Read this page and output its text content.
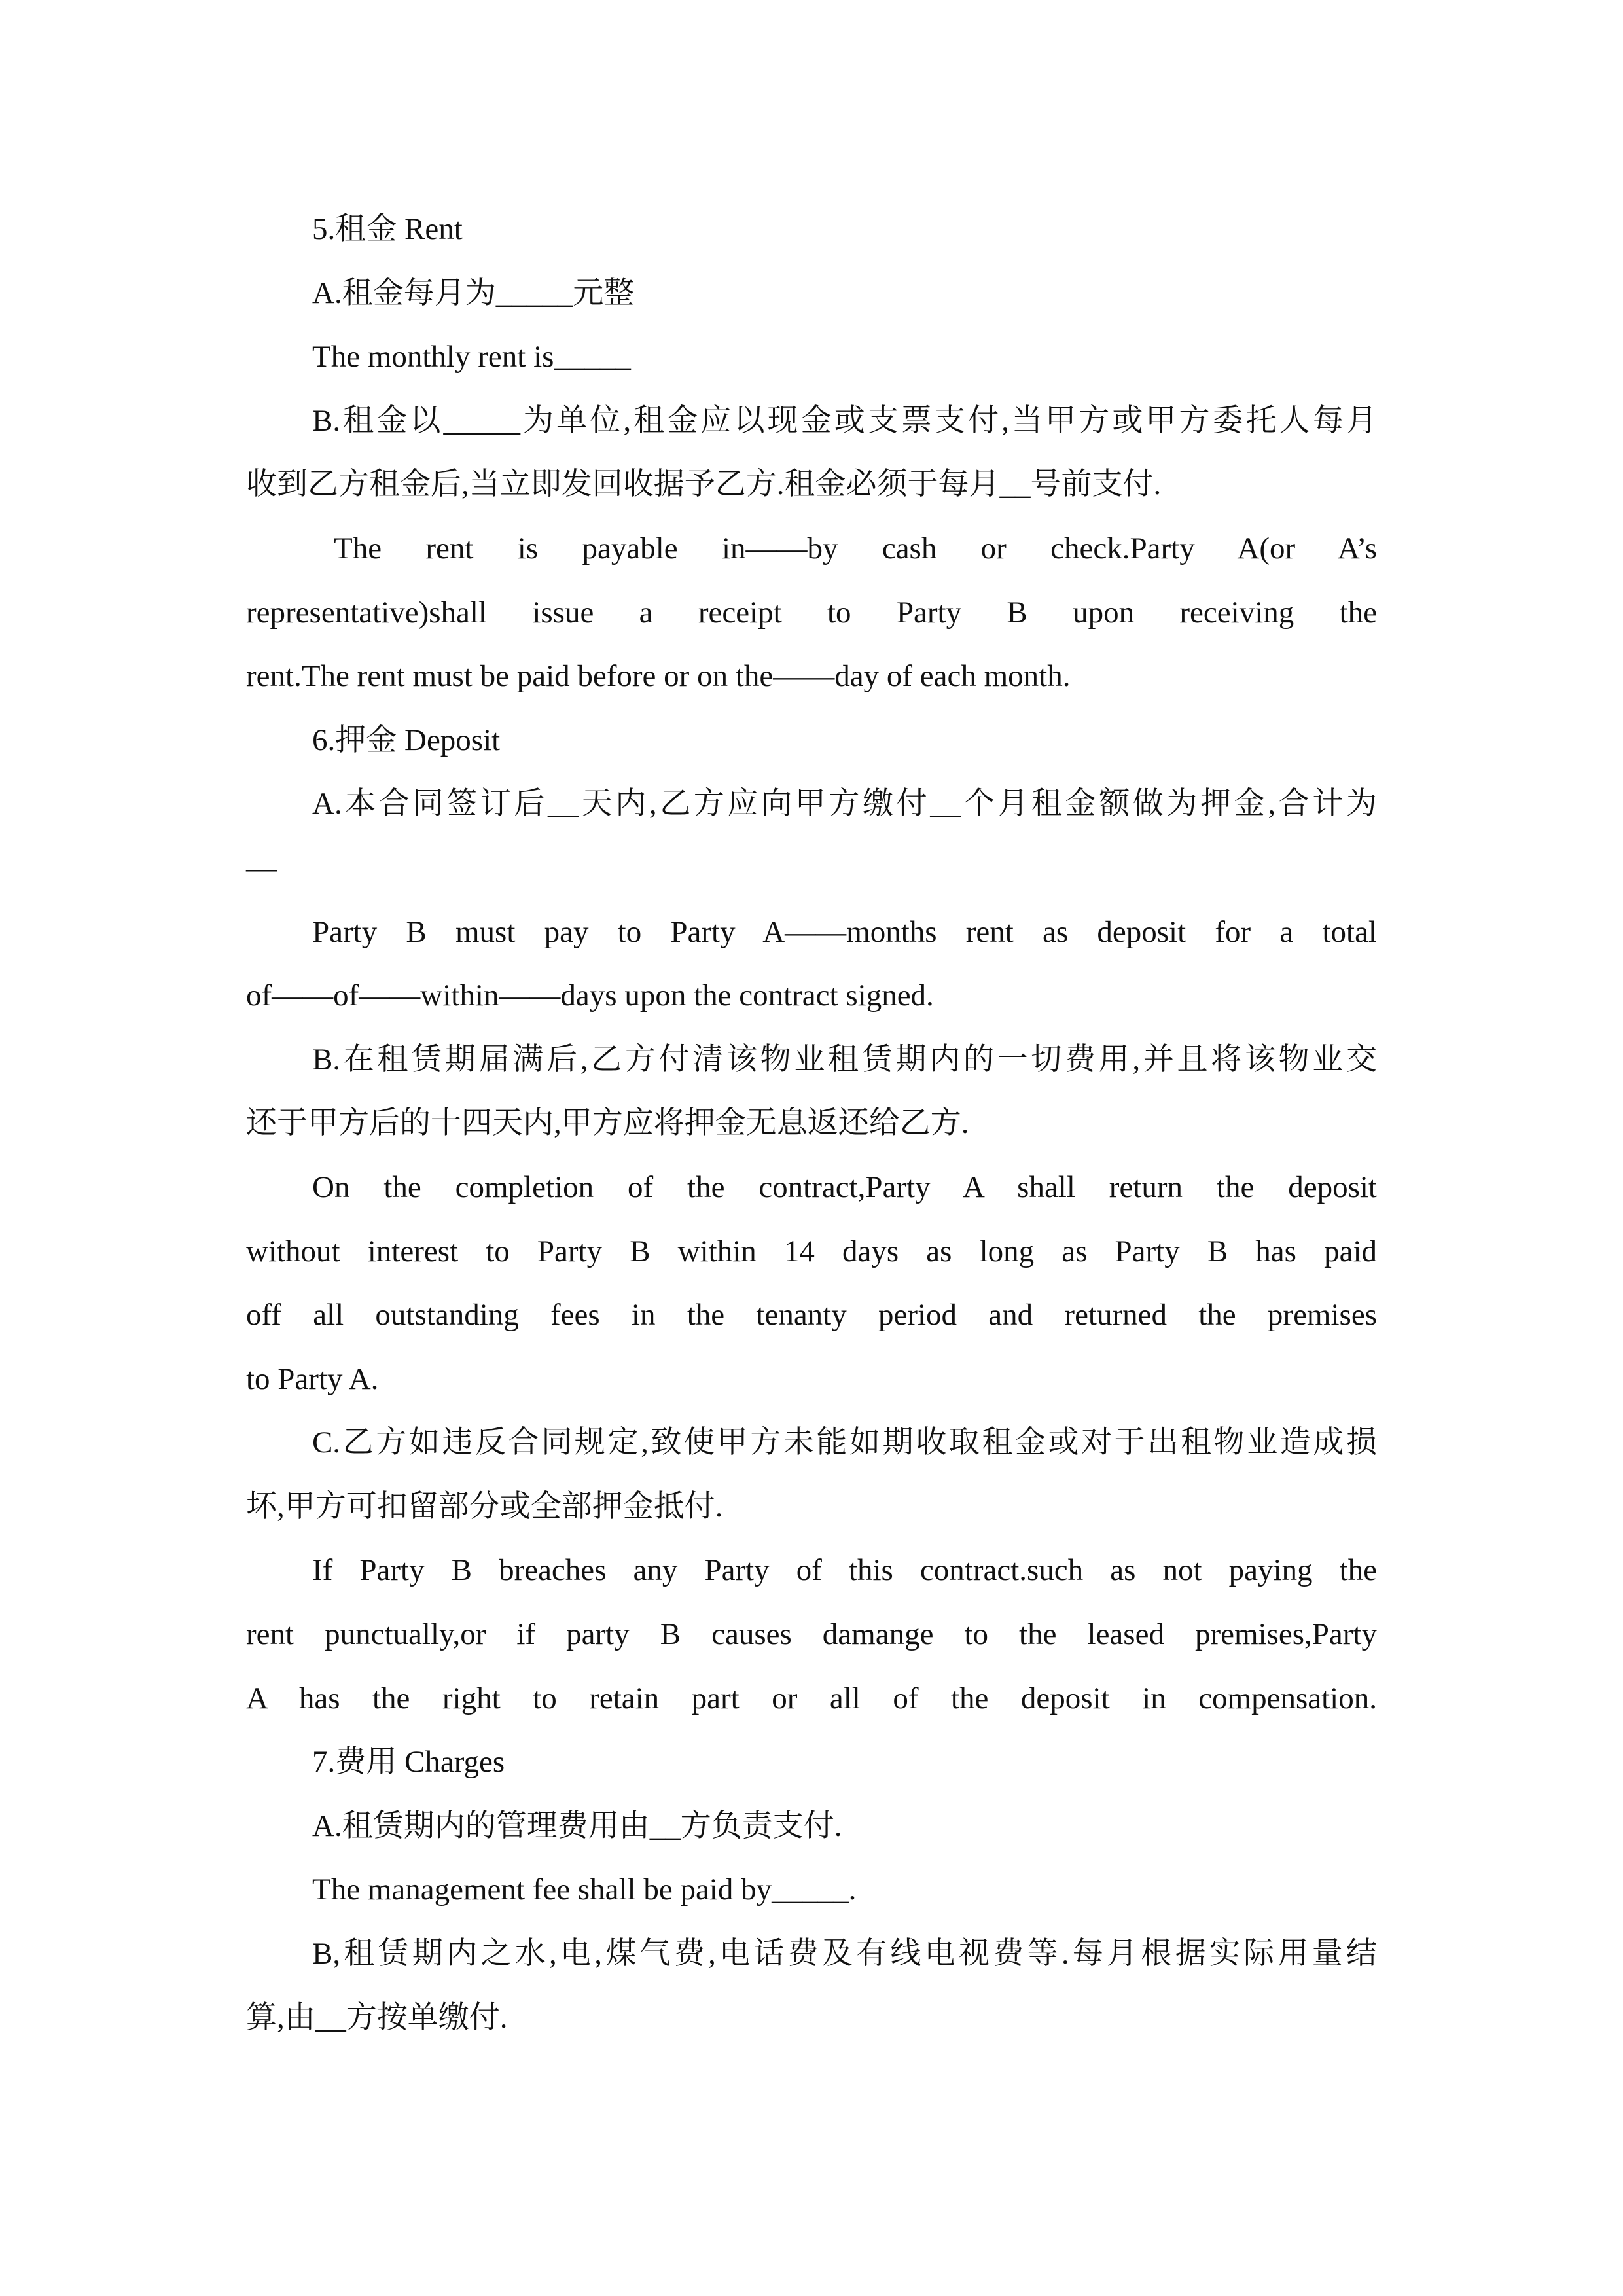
5.租金 Rent
A.租金每月为_____元整
The monthly rent is_____
B.租金以_____为单位,租金应以现金或支票支付,当甲方或甲方委托人每月
收到乙方租金后,当立即发回收据予乙方.租金必须于每月__号前支付.
The rent is payable in——by cash or check.Party A(or A’s
representative)shall issue a receipt to Party B upon receiving the
rent.The rent must be paid before or on the——day of each month.
6.押金 Deposit
A.本合同签订后__天内,乙方应向甲方缴付__个月租金额做为押金,合计为
—
Party B must pay to Party A——months rent as deposit for a total
of——of——within——days upon the contract signed.
B.在租赁期届满后,乙方付清该物业租赁期内的一切费用,并且将该物业交
还于甲方后的十四天内,甲方应将押金无息返还给乙方.
On the completion of the contract,Party A shall return the deposit
without interest to Party B within 14 days as long as Party B has paid
off all outstanding fees in the tenanty period and returned the premises
to Party A.
C.乙方如违反合同规定,致使甲方未能如期收取租金或对于出租物业造成损
坏,甲方可扣留部分或全部押金抵付.
If Party B breaches any Party of this contract.such as not paying the
rent punctually,or if party B causes damange to the leased premises,Party
A has the right to retain part or all of the deposit in compensation.
7.费用 Charges
A.租赁期内的管理费用由__方负责支付.
The management fee shall be paid by_____.
B,租赁期内之水,电,煤气费,电话费及有线电视费等.每月根据实际用量结
算,由__方按单缴付.
